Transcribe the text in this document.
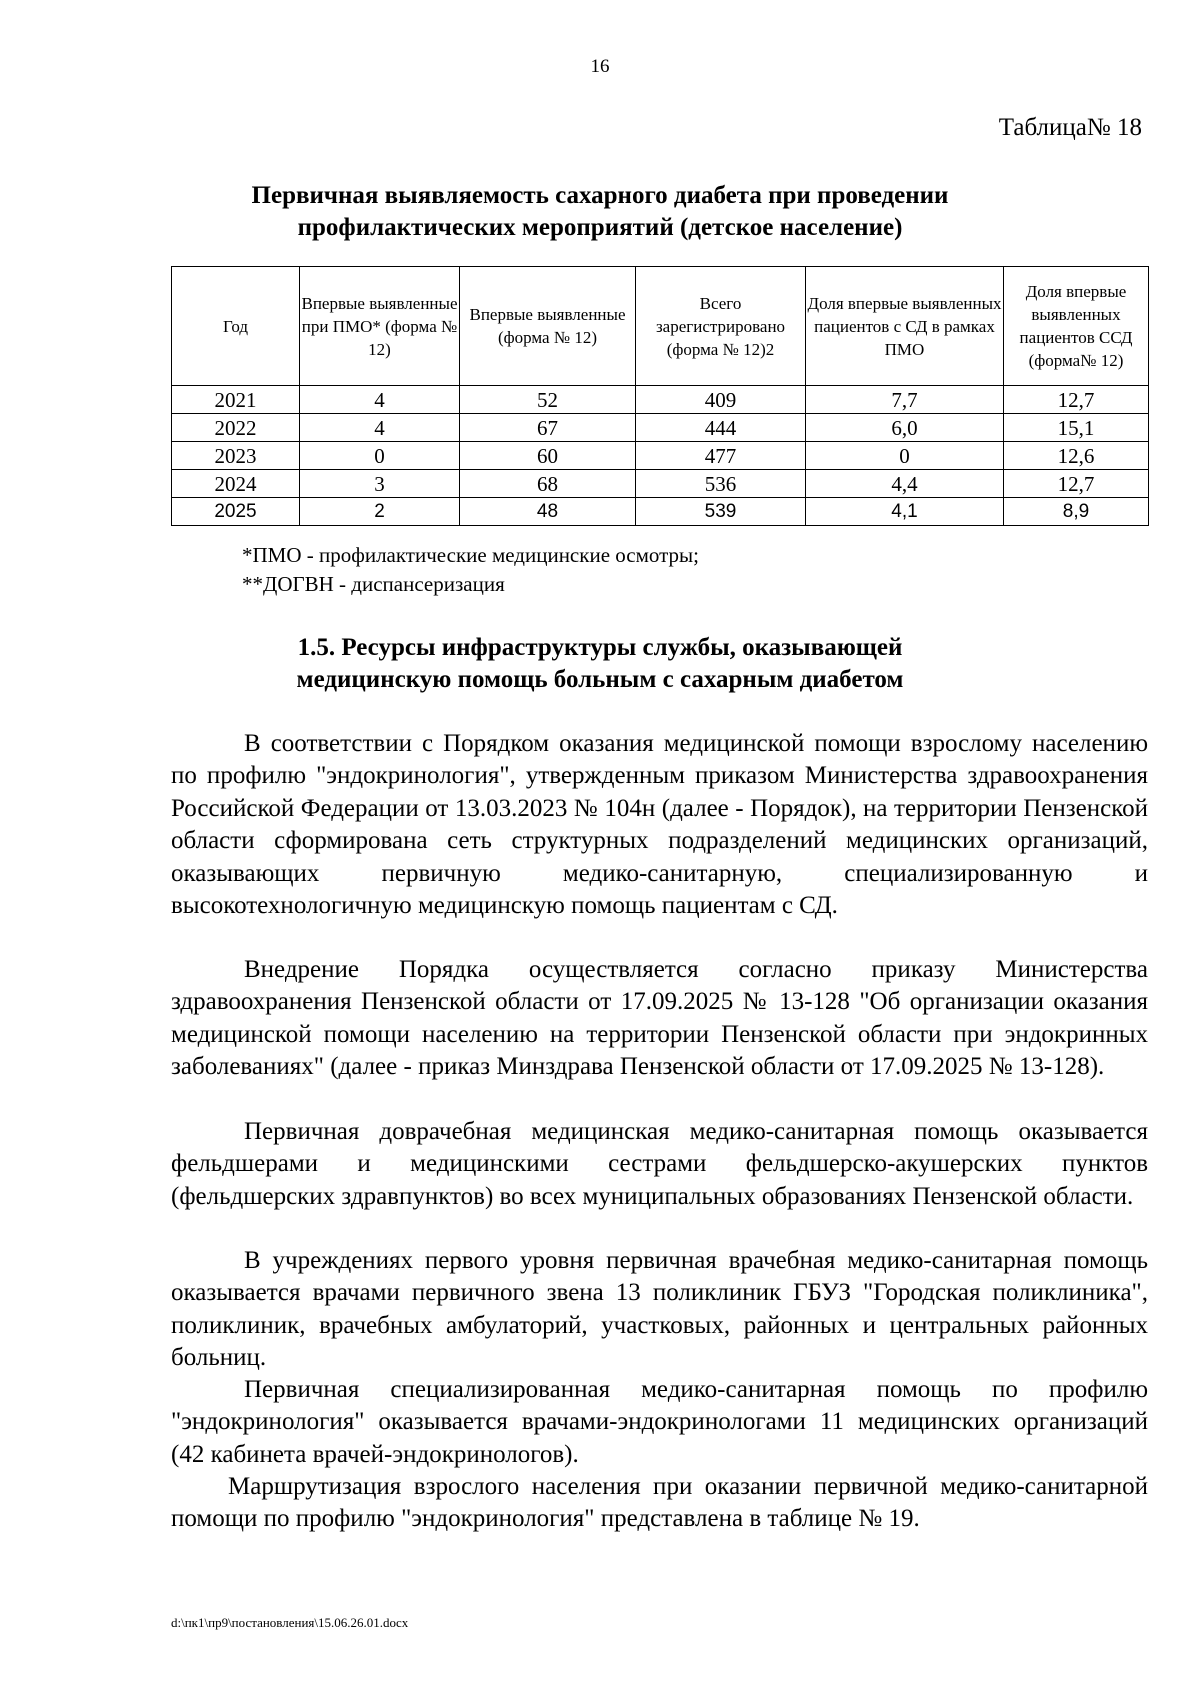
16
Таблица№ 18
Первичная выявляемость сахарного диабета при проведении
профилактических мероприятий (детское население)
Год	Впервые выявленные при ПМО* (форма № 12)	Впервые выявленные (форма № 12)	Всего зарегистрировано (форма № 12)2	Доля впервые выявленных пациентов с СД в рамках ПМО	Доля впервые выявленных пациентов ССД (форма№ 12)
2021	4	52	409	7,7	12,7
2022	4	67	444	6,0	15,1
2023	0	60	477	0	12,6
2024	3	68	536	4,4	12,7
2025	2	48	539	4,1	8,9
*ПМО - профилактические медицинские осмотры;
**ДОГВН - диспансеризация
1.5. Ресурсы инфраструктуры службы, оказывающей
медицинскую помощь больным с сахарным диабетом
В соответствии с Порядком оказания медицинской помощи взрослому населению по профилю "эндокринология", утвержденным приказом Министерства здравоохранения Российской Федерации от 13.03.2023 № 104н (далее - Порядок), на территории Пензенской области сформирована сеть структурных подразделений медицинских организаций, оказывающих первичную медико-санитарную, специализированную и высокотехнологичную медицинскую помощь пациентам с СД.
Внедрение Порядка осуществляется согласно приказу Министерства здравоохранения Пензенской области от 17.09.2025 № 13-128 "Об организации оказания медицинской помощи населению на территории Пензенской области при эндокринных заболеваниях" (далее - приказ Минздрава Пензенской области от 17.09.2025 № 13-128).
Первичная доврачебная медицинская медико-санитарная помощь оказывается фельдшерами и медицинскими сестрами фельдшерско-акушерских пунктов (фельдшерских здравпунктов) во всех муниципальных образованиях Пензенской области.
В учреждениях первого уровня первичная врачебная медико-санитарная помощь оказывается врачами первичного звена 13 поликлиник ГБУЗ "Городская поликлиника", поликлиник, врачебных амбулаторий, участковых, районных и центральных районных больниц.
Первичная специализированная медико-санитарная помощь по профилю "эндокринология" оказывается врачами-эндокринологами 11 медицинских организаций (42 кабинета врачей-эндокринологов).
Маршрутизация взрослого населения при оказании первичной медико-санитарной помощи по профилю "эндокринология" представлена в таблице № 19.
d:\пк1\пр9\постановления\15.06.26.01.docx
